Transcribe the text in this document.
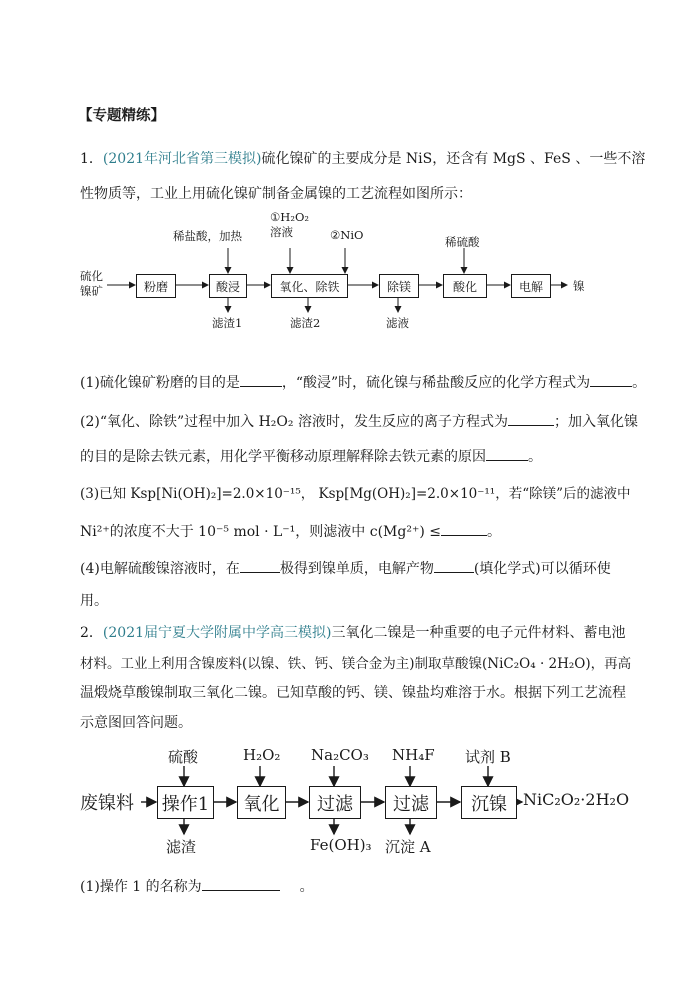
【专题精练】
1．(2021年河北省第三模拟)硫化镍矿的主要成分是 NiS，还含有 MgS 、FeS 、一些不溶
性物质等，工业上用硫化镍矿制备金属镍的工艺流程如图所示：
硫化
镍矿	粉磨	酸浸	氧化、除铁	除镁	酸化	电解	镍
稀盐酸，加热
①H₂O₂
溶液	②NiO	稀硫酸
滤渣1	滤渣2	滤液
(1)硫化镍矿粉磨的目的是	，“酸浸”时，硫化镍与稀盐酸反应的化学方程式为	。
(2)“氧化、除铁”过程中加入 H₂O₂ 溶液时，发生反应的离子方程式为	；加入氧化镍
的目的是除去铁元素，用化学平衡移动原理解释除去铁元素的原因	。
(3)已知 Ksp[Ni(OH)₂]=2.0×10⁻¹⁵， Ksp[Mg(OH)₂]=2.0×10⁻¹¹，若“除镁”后的滤液中
Ni²⁺的浓度不大于 10⁻⁵ mol · L⁻¹，则滤液中 c(Mg²⁺) ≤	。
(4)电解硫酸镍溶液时，在	极得到镍单质，电解产物	(填化学式)可以循环使
用。
2．(2021届宁夏大学附属中学高三模拟)三氧化二镍是一种重要的电子元件材料、蓄电池
材料。工业上利用含镍废料(以镍、铁、钙、镁合金为主)制取草酸镍(NiC₂O₄ · 2H₂O)，再高
温煅烧草酸镍制取三氧化二镍。已知草酸的钙、镁、镍盐均难溶于水。根据下列工艺流程
示意图回答问题。
废镍料 操作1	氧化	过滤	过滤	沉镍	NiC₂O₂·2H₂O
硫酸	H₂O₂ Na₂CO₃ NH₄F 试剂 B
滤渣	Fe(OH)₃ 沉淀 A
(1)操作 1 的名称为	。
